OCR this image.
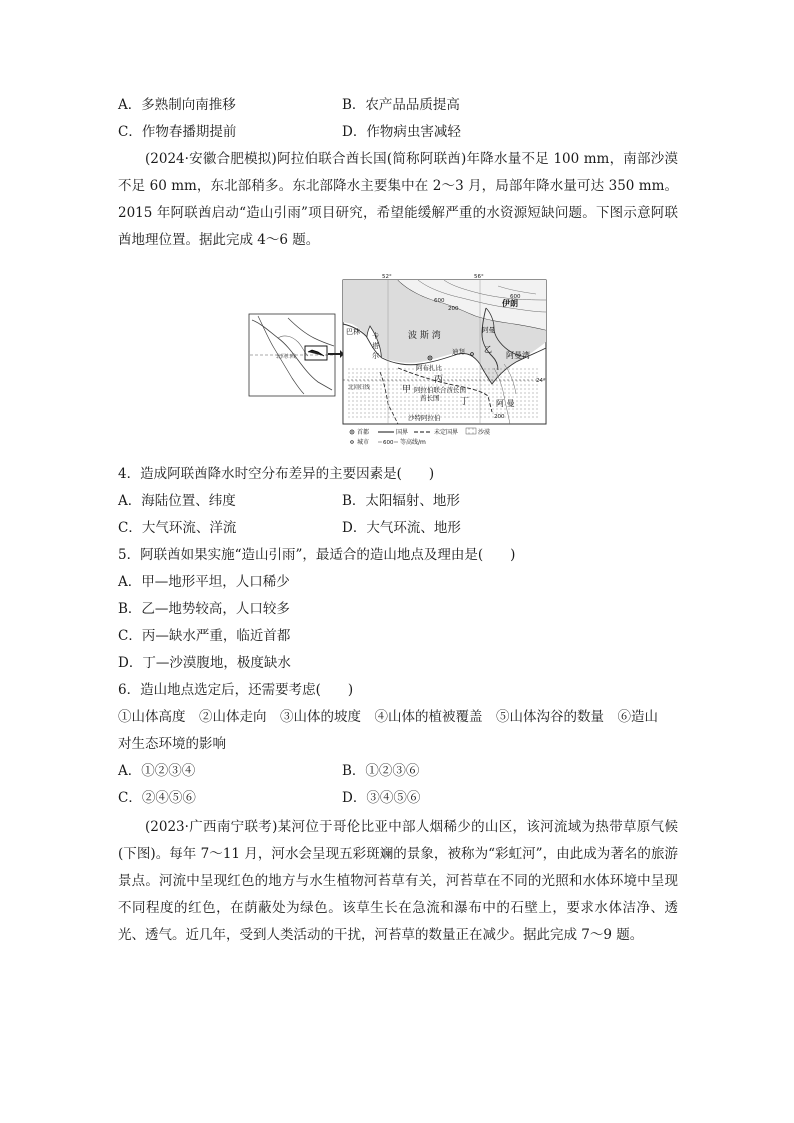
A．多熟制向南推移	B．农产品品质提高
C．作物春播期提前	D．作物病虫害减轻
(2024·安徽合肥模拟)阿拉伯联合酋长国(简称阿联酋)年降水量不足 100 mm，南部沙漠不足 60 mm，东北部稍多。东北部降水主要集中在 2～3 月，局部年降水量可达 350 mm。2015 年阿联酋启动“造山引雨”项目研究，希望能缓解严重的水资源短缺问题。下图示意阿联酋地理位置。据此完成 4～6 题。
北回归线
52°	56°
24°
600
200
200
600
伊朗
波 斯 湾
阿曼湾
巴林 卡
塔
尔	迪拜
阿布扎比
阿曼
乙
丙
甲 阿拉伯联合酋长国
酋长国 丁
沙特阿拉伯
阿 曼
北回归线
首都	国界	未定国界	沙漠
城市	600 等高线/m
4．造成阿联酋降水时空分布差异的主要因素是(　　)
A．海陆位置、纬度	B．太阳辐射、地形
C．大气环流、洋流	D．大气环流、地形
5．阿联酋如果实施“造山引雨”，最适合的造山地点及理由是(　　)
A．甲—地形平坦，人口稀少
B．乙—地势较高，人口较多
C．丙—缺水严重，临近首都
D．丁—沙漠腹地，极度缺水
6．造山地点选定后，还需要考虑(　　)
①山体高度　②山体走向　③山体的坡度　④山体的植被覆盖　⑤山体沟谷的数量　⑥造山
对生态环境的影响
A．①②③④	B．①②③⑥
C．②④⑤⑥	D．③④⑤⑥
(2023·广西南宁联考)某河位于哥伦比亚中部人烟稀少的山区，该河流域为热带草原气候(下图)。每年 7～11 月，河水会呈现五彩斑斓的景象，被称为“彩虹河”，由此成为著名的旅游景点。河流中呈现红色的地方与水生植物河苔草有关，河苔草在不同的光照和水体环境中呈现不同程度的红色，在荫蔽处为绿色。该草生长在急流和瀑布中的石壁上，要求水体洁净、透光、透气。近几年，受到人类活动的干扰，河苔草的数量正在减少。据此完成 7～9 题。
